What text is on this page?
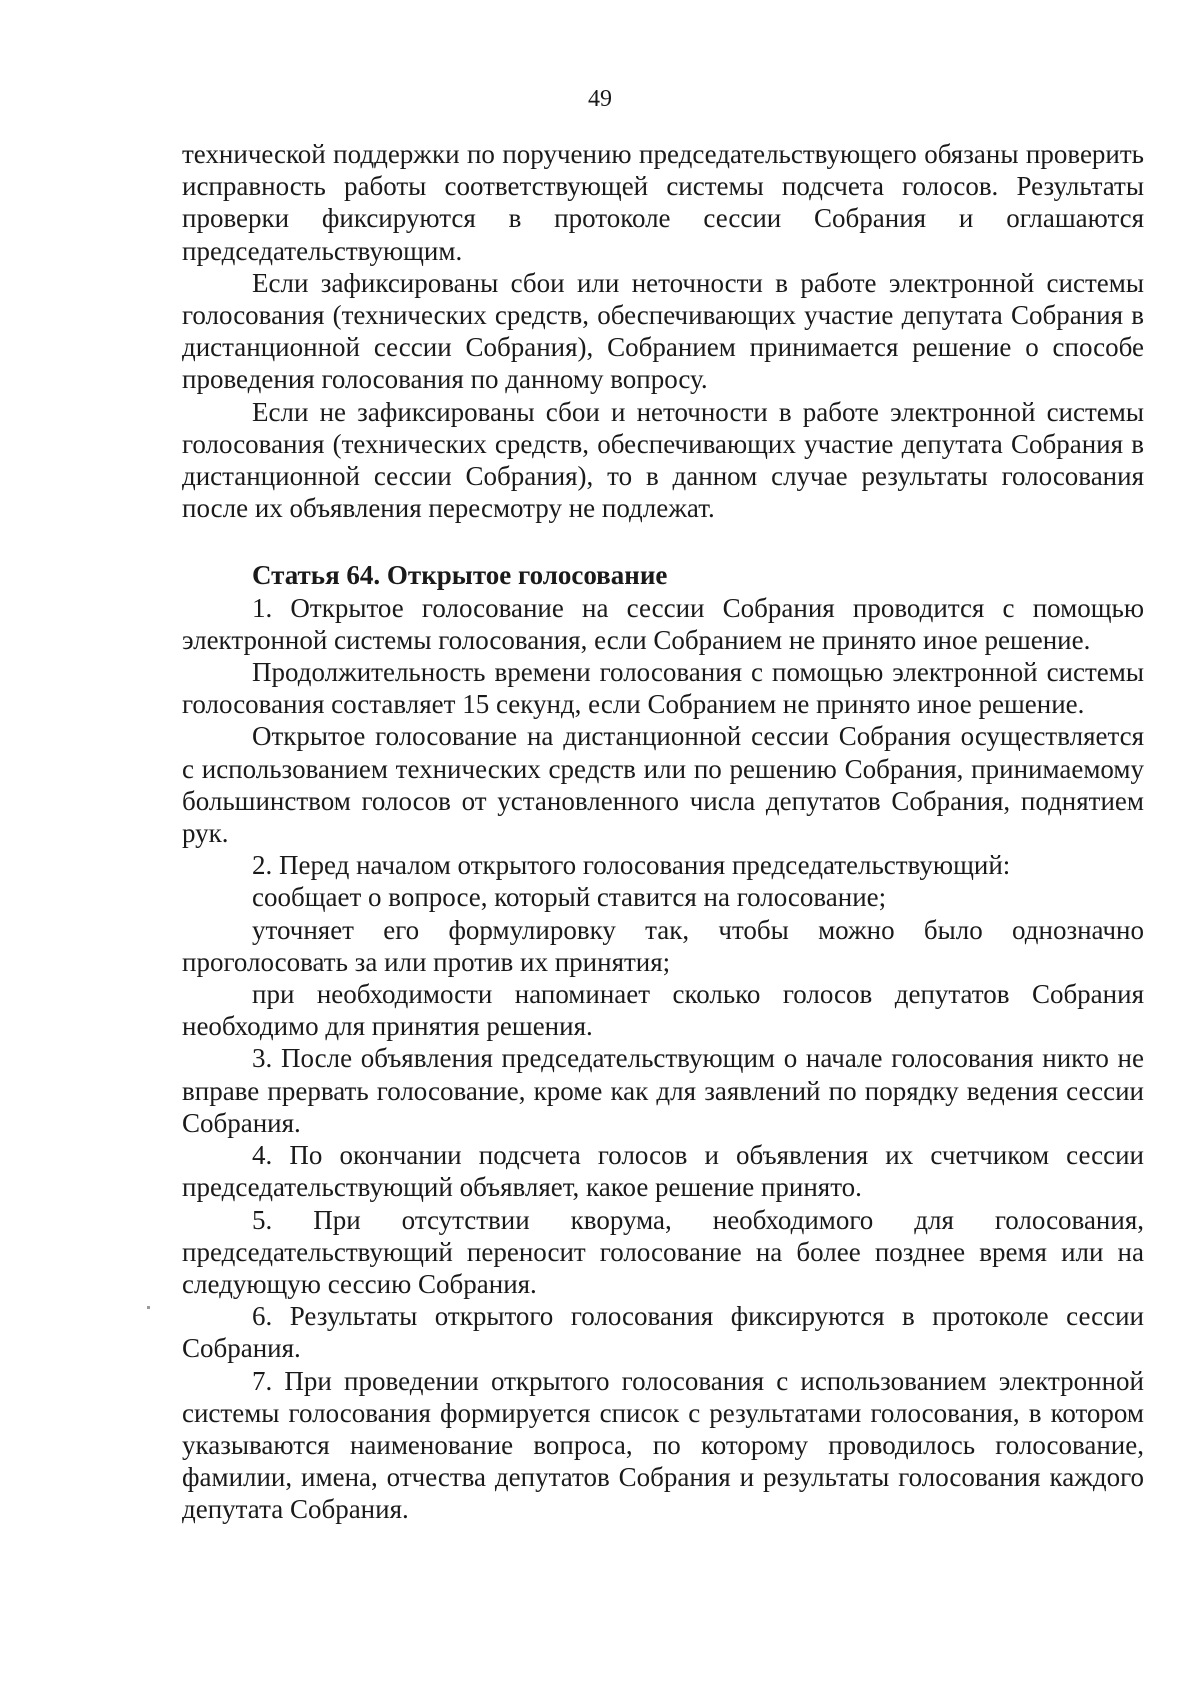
49

технической поддержки по поручению председательствующего обязаны проверить исправность работы соответствующей системы подсчета голосов. Результаты проверки фиксируются в протоколе сессии Собрания и оглашаются председательствующим.

Если зафиксированы сбои или неточности в работе электронной системы голосования (технических средств, обеспечивающих участие депутата Собрания в дистанционной сессии Собрания), Собранием принимается решение о способе проведения голосования по данному вопросу.

Если не зафиксированы сбои и неточности в работе электронной системы голосования (технических средств, обеспечивающих участие депутата Собрания в дистанционной сессии Собрания), то в данном случае результаты голосования после их объявления пересмотру не подлежат.

Статья 64. Открытое голосование

1. Открытое голосование на сессии Собрания проводится с помощью электронной системы голосования, если Собранием не принято иное решение.

Продолжительность времени голосования с помощью электронной системы голосования составляет 15 секунд, если Собранием не принято иное решение.

Открытое голосование на дистанционной сессии Собрания осуществляется с использованием технических средств или по решению Собрания, принимаемому большинством голосов от установленного числа депутатов Собрания, поднятием рук.

2. Перед началом открытого голосования председательствующий:

сообщает о вопросе, который ставится на голосование;

уточняет его формулировку так, чтобы можно было однозначно проголосовать за или против их принятия;

при необходимости напоминает сколько голосов депутатов Собрания необходимо для принятия решения.

3. После объявления председательствующим о начале голосования никто не вправе прервать голосование, кроме как для заявлений по порядку ведения сессии Собрания.

4. По окончании подсчета голосов и объявления их счетчиком сессии председательствующий объявляет, какое решение принято.

5. При отсутствии кворума, необходимого для голосования, председательствующий переносит голосование на более позднее время или на следующую сессию Собрания.

6. Результаты открытого голосования фиксируются в протоколе сессии Собрания.

7. При проведении открытого голосования с использованием электронной системы голосования формируется список с результатами голосования, в котором указываются наименование вопроса, по которому проводилось голосование, фамилии, имена, отчества депутатов Собрания и результаты голосования каждого депутата Собрания.
